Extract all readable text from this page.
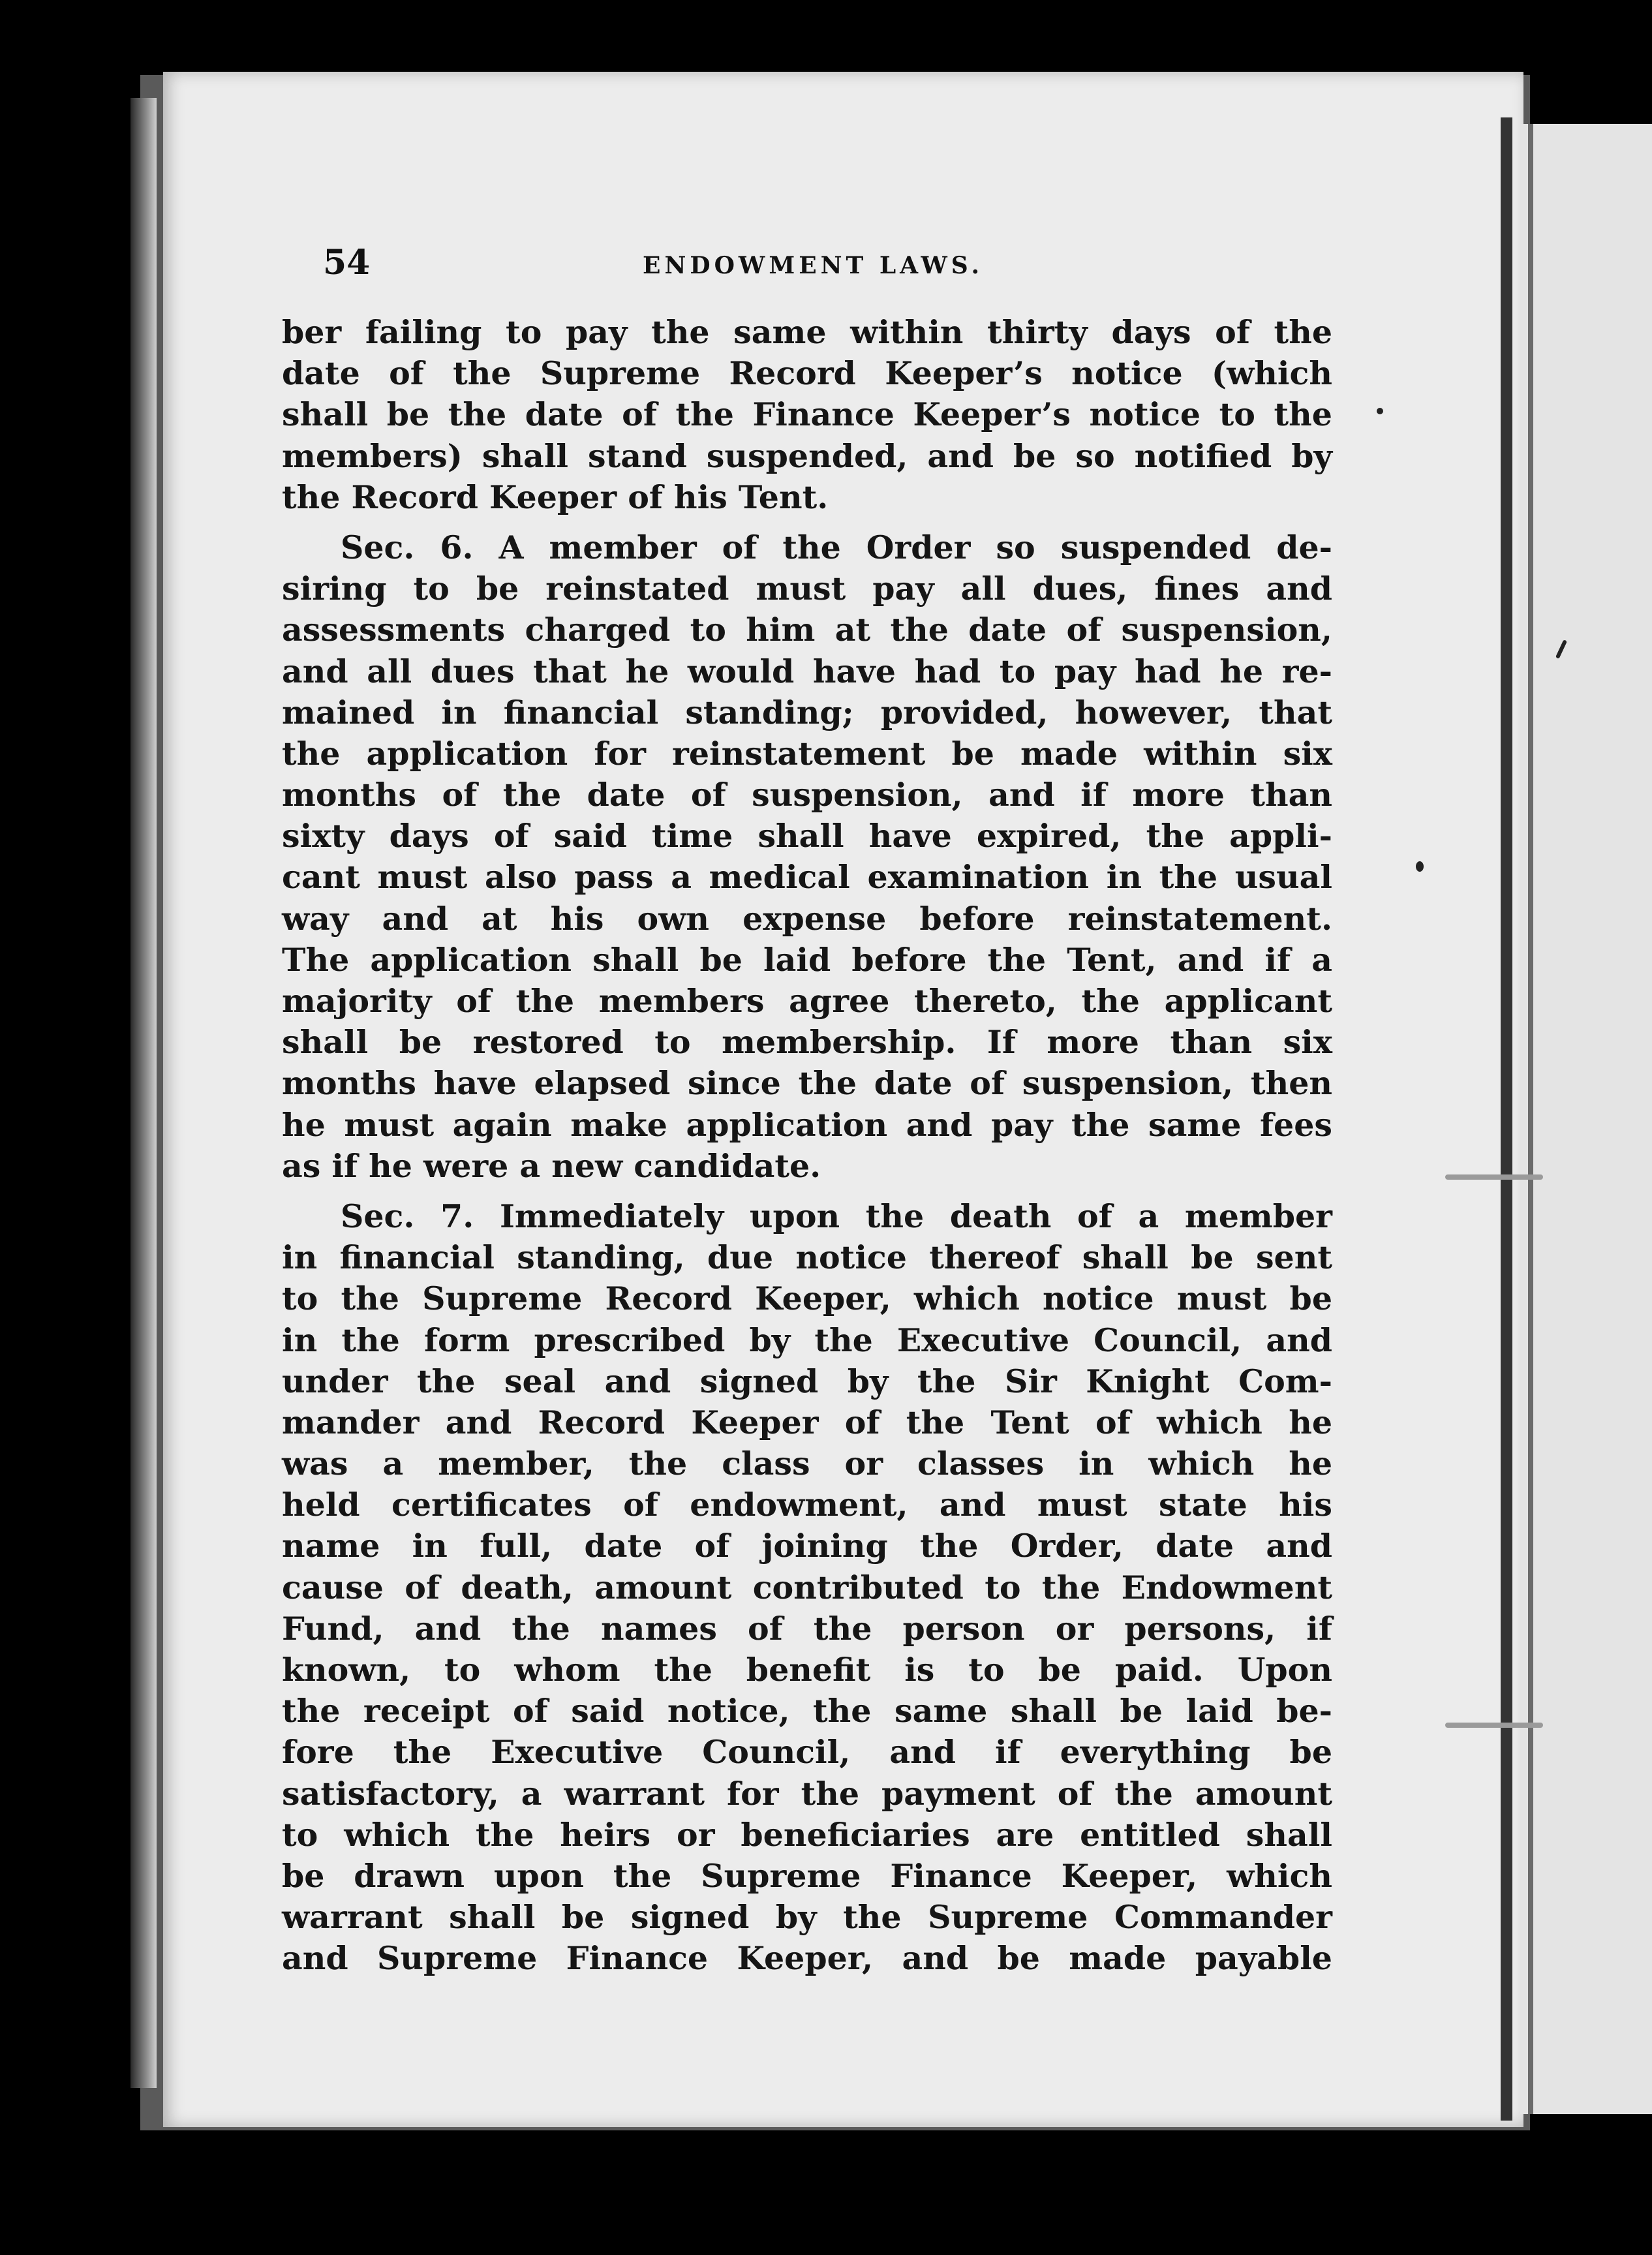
54	ENDOWMENT LAWS.
ber failing to pay the same within thirty days of the
date of the Supreme Record Keeper’s notice (which
shall be the date of the Finance Keeper’s notice to the
members) shall stand suspended, and be so notified by
the Record Keeper of his Tent.
Sec. 6. A member of the Order so suspended de-
siring to be reinstated must pay all dues, fines and
assessments charged to him at the date of suspension,
and all dues that he would have had to pay had he re-
mained in financial standing; provided, however, that
the application for reinstatement be made within six
months of the date of suspension, and if more than
sixty days of said time shall have expired, the appli-
cant must also pass a medical examination in the usual
way and at his own expense before reinstatement.
The application shall be laid before the Tent, and if a
majority of the members agree thereto, the applicant
shall be restored to membership. If more than six
months have elapsed since the date of suspension, then
he must again make application and pay the same fees
as if he were a new candidate.
Sec. 7. Immediately upon the death of a member
in financial standing, due notice thereof shall be sent
to the Supreme Record Keeper, which notice must be
in the form prescribed by the Executive Council, and
under the seal and signed by the Sir Knight Com-
mander and Record Keeper of the Tent of which he
was a member, the class or classes in which he
held certificates of endowment, and must state his
name in full, date of joining the Order, date and
cause of death, amount contributed to the Endowment
Fund, and the names of the person or persons, if
known, to whom the benefit is to be paid. Upon
the receipt of said notice, the same shall be laid be-
fore the Executive Council, and if everything be
satisfactory, a warrant for the payment of the amount
to which the heirs or beneficiaries are entitled shall
be drawn upon the Supreme Finance Keeper, which
warrant shall be signed by the Supreme Commander
and Supreme Finance Keeper, and be made payable
